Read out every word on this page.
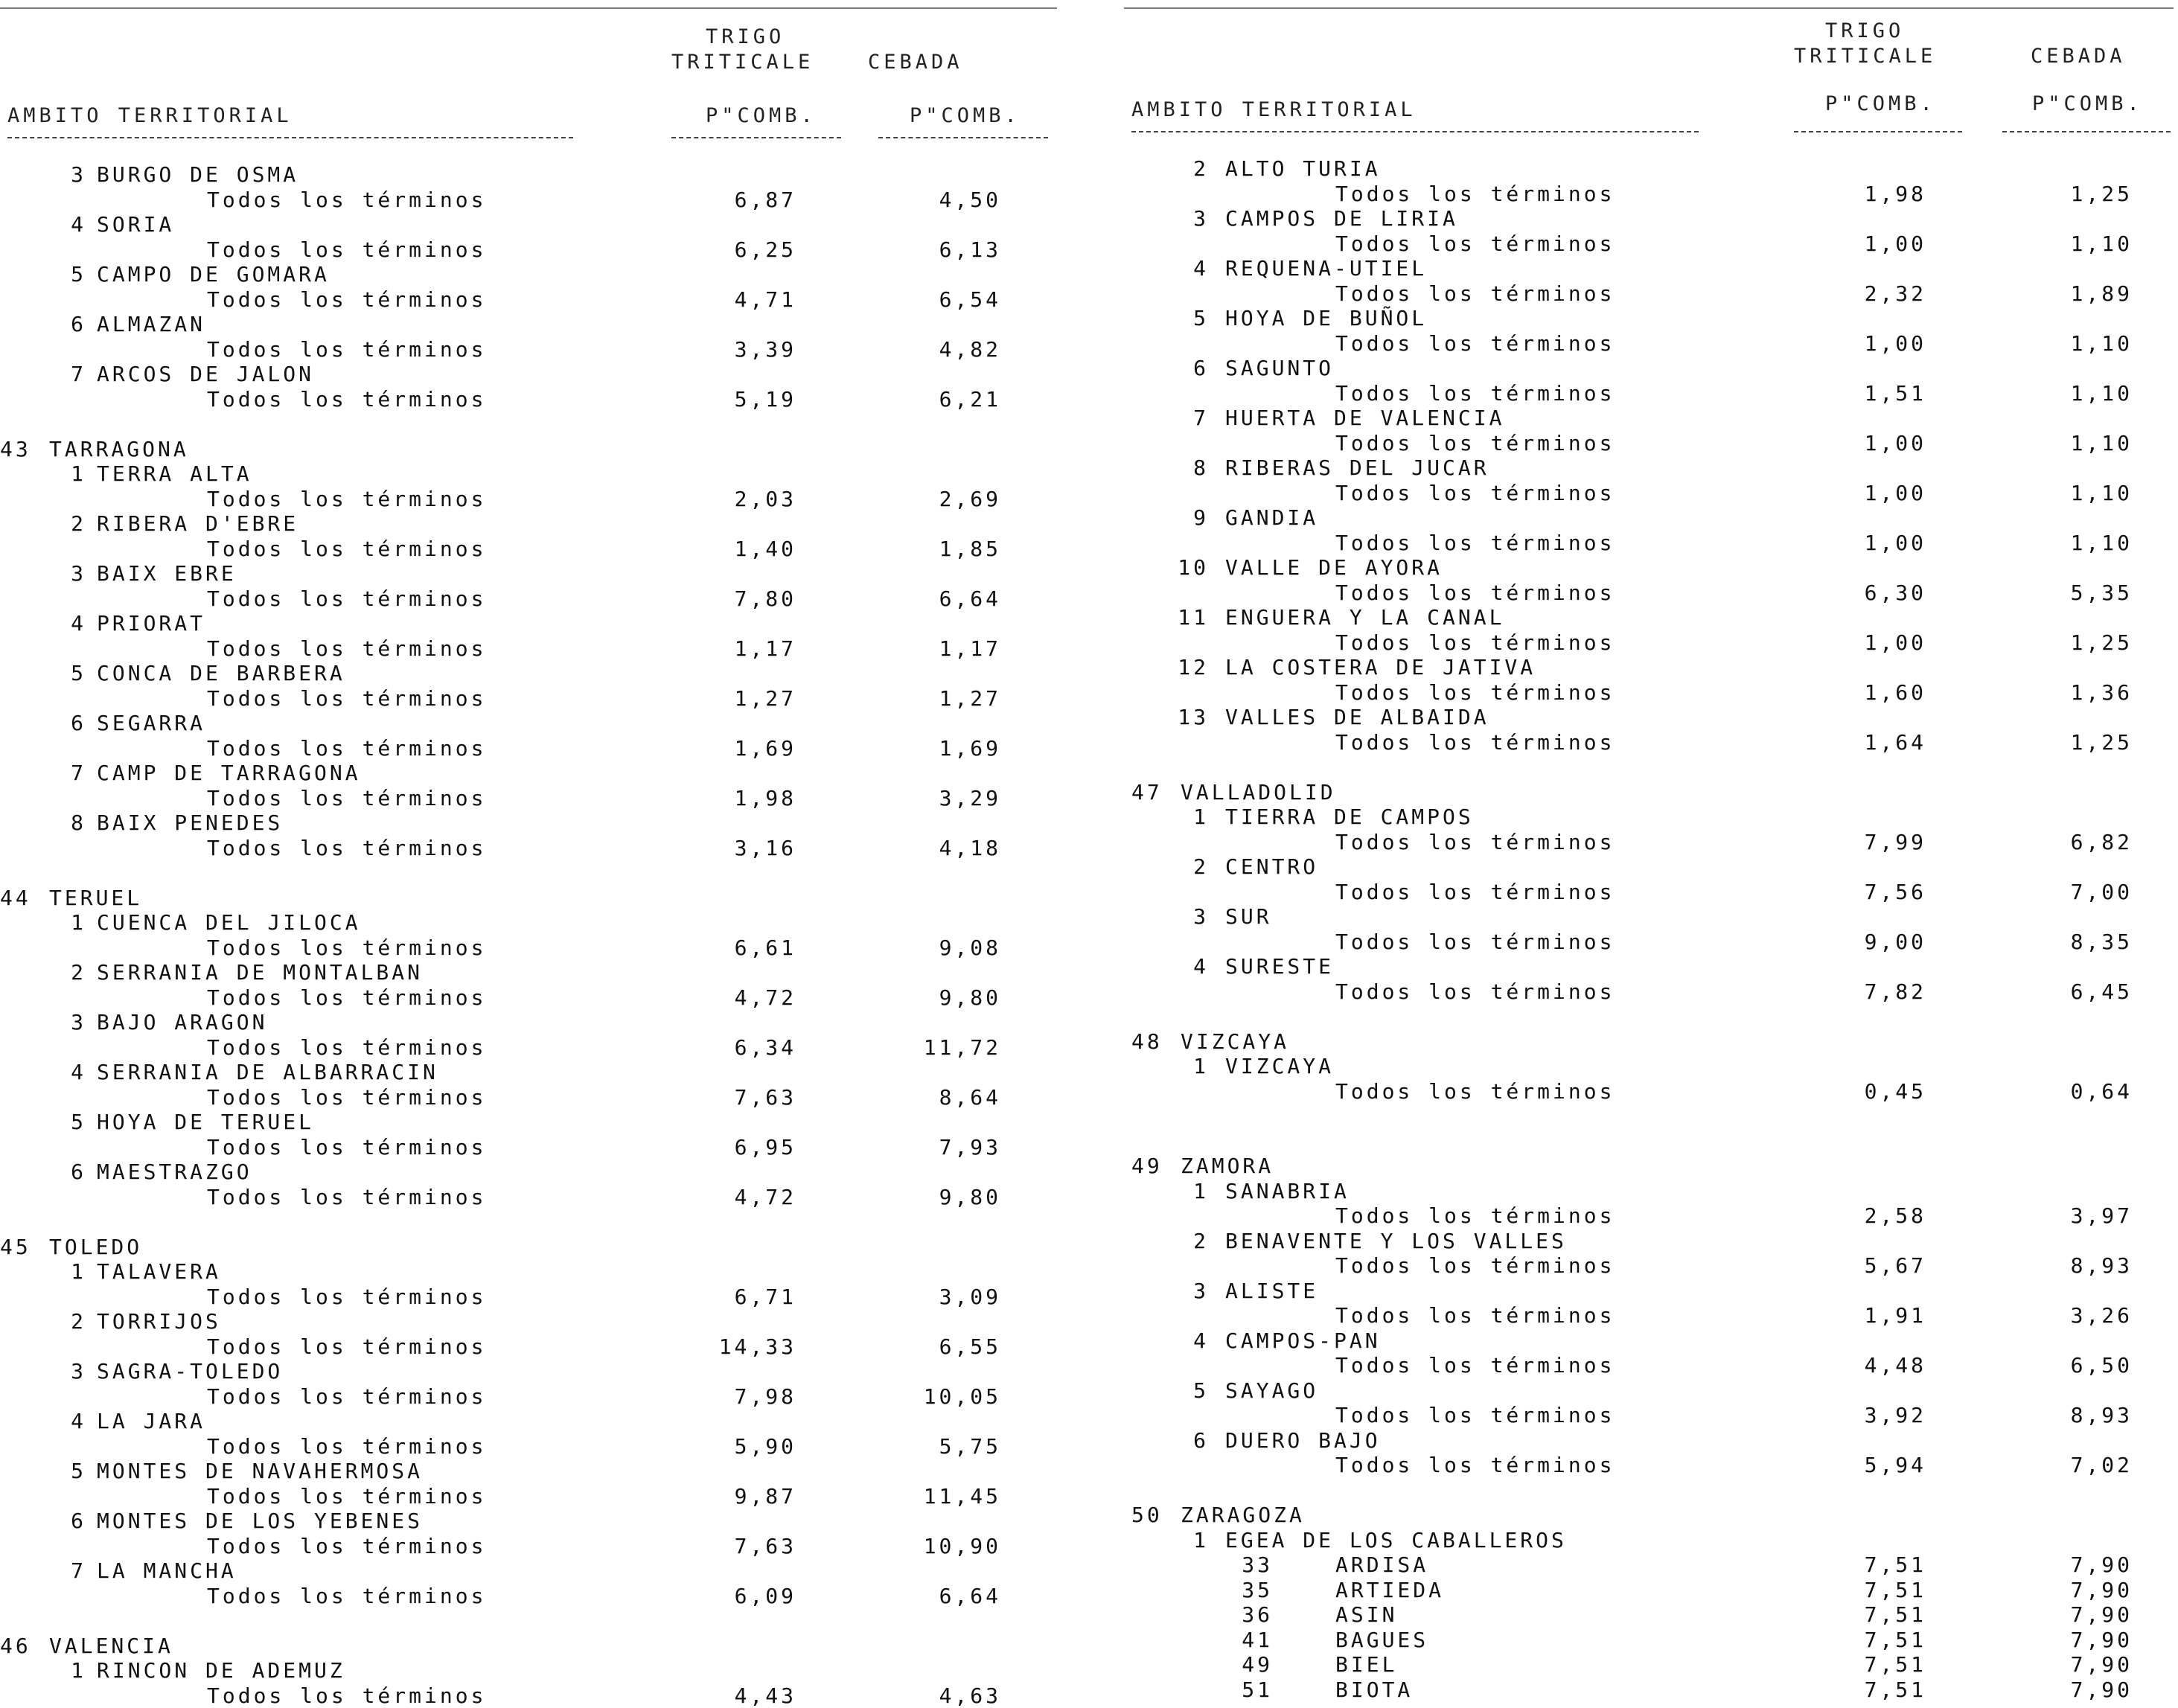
TRIGO
TRITICALE	CEBADA
AMBITO TERRITORIAL	P"COMB.	P"COMB.
3 BURGO DE OSMA
Todos los términos	6,87	4,50
4 SORIA
Todos los términos	6,25	6,13
5 CAMPO DE GOMARA
Todos los términos	4,71	6,54
6 ALMAZAN
Todos los términos	3,39	4,82
7 ARCOS DE JALON
Todos los términos	5,19	6,21
43 TARRAGONA
1 TERRA ALTA
Todos los términos	2,03	2,69
2 RIBERA D'EBRE
Todos los términos	1,40	1,85
3 BAIX EBRE
Todos los términos	7,80	6,64
4 PRIORAT
Todos los términos	1,17	1,17
5 CONCA DE BARBERA
Todos los términos	1,27	1,27
6 SEGARRA
Todos los términos	1,69	1,69
7 CAMP DE TARRAGONA
Todos los términos	1,98	3,29
8 BAIX PENEDES
Todos los términos	3,16	4,18
44 TERUEL
1 CUENCA DEL JILOCA
Todos los términos	6,61	9,08
2 SERRANIA DE MONTALBAN
Todos los términos	4,72	9,80
3 BAJO ARAGON
Todos los términos	6,34	11,72
4 SERRANIA DE ALBARRACIN
Todos los términos	7,63	8,64
5 HOYA DE TERUEL
Todos los términos	6,95	7,93
6 MAESTRAZGO
Todos los términos	4,72	9,80
45 TOLEDO
1 TALAVERA
Todos los términos	6,71	3,09
2 TORRIJOS
Todos los términos	14,33	6,55
3 SAGRA-TOLEDO
Todos los términos	7,98	10,05
4 LA JARA
Todos los términos	5,90	5,75
5 MONTES DE NAVAHERMOSA
Todos los términos	9,87	11,45
6 MONTES DE LOS YEBENES
Todos los términos	7,63	10,90
7 LA MANCHA
Todos los términos	6,09	6,64
46 VALENCIA
1 RINCON DE ADEMUZ
Todos los términos	4,43	4,63
TRIGO
TRITICALE	CEBADA
AMBITO TERRITORIAL	P"COMB.	P"COMB.
2 ALTO TURIA
Todos los términos	1,98	1,25
3 CAMPOS DE LIRIA
Todos los términos	1,00	1,10
4 REQUENA-UTIEL
Todos los términos	2,32	1,89
5 HOYA DE BUÑOL
Todos los términos	1,00	1,10
6 SAGUNTO
Todos los términos	1,51	1,10
7 HUERTA DE VALENCIA
Todos los términos	1,00	1,10
8 RIBERAS DEL JUCAR
Todos los términos	1,00	1,10
9 GANDIA
Todos los términos	1,00	1,10
10 VALLE DE AYORA
Todos los términos	6,30	5,35
11 ENGUERA Y LA CANAL
Todos los términos	1,00	1,25
12 LA COSTERA DE JATIVA
Todos los términos	1,60	1,36
13 VALLES DE ALBAIDA
Todos los términos	1,64	1,25
47 VALLADOLID
1 TIERRA DE CAMPOS
Todos los términos	7,99	6,82
2 CENTRO
Todos los términos	7,56	7,00
3 SUR
Todos los términos	9,00	8,35
4 SURESTE
Todos los términos	7,82	6,45
48 VIZCAYA
1 VIZCAYA
Todos los términos	0,45	0,64
49 ZAMORA
1 SANABRIA
Todos los términos	2,58	3,97
2 BENAVENTE Y LOS VALLES
Todos los términos	5,67	8,93
3 ALISTE
Todos los términos	1,91	3,26
4 CAMPOS-PAN
Todos los términos	4,48	6,50
5 SAYAGO
Todos los términos	3,92	8,93
6 DUERO BAJO
Todos los términos	5,94	7,02
50 ZARAGOZA
1 EGEA DE LOS CABALLEROS
33	ARDISA	7,51	7,90
35	ARTIEDA	7,51	7,90
36	ASIN	7,51	7,90
41	BAGUES	7,51	7,90
49	BIEL	7,51	7,90
51	BIOTA	7,51	7,90
